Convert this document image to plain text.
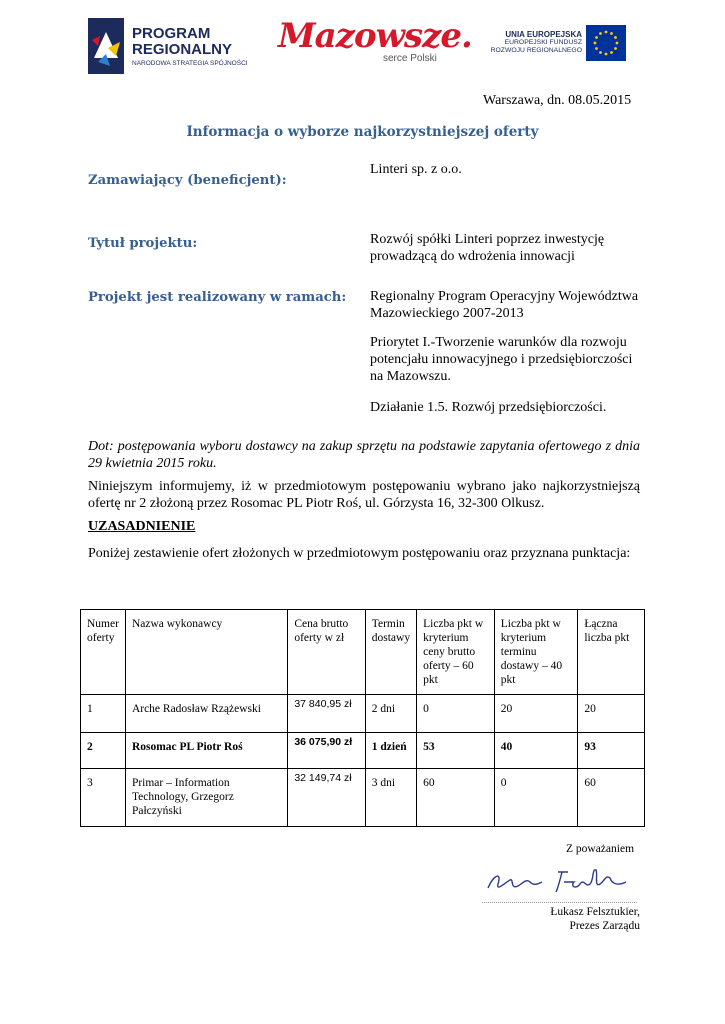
PROGRAM
REGIONALNY
NARODOWA STRATEGIA SPÓJNOŚCI
Mazowsze.
serce Polski
UNIA EUROPEJSKA
EUROPEJSKI FUNDUSZ
ROZWOJU REGIONALNEGO
Warszawa, dn. 08.05.2015
Informacja o wyborze najkorzystniejszej oferty
Zamawiający (beneficjent):
Linteri sp. z o.o.
Tytuł projektu:	Rozwój spółki Linteri poprzez inwestycję prowadzącą do wdrożenia innowacji
Projekt jest realizowany w ramach: Regionalny Program Operacyjny Województwa Mazowieckiego 2007-2013
Priorytet I.-Tworzenie warunków dla rozwoju potencjału innowacyjnego i przedsiębiorczości na Mazowszu.
Działanie 1.5. Rozwój przedsiębiorczości.
Dot: postępowania wyboru dostawcy na zakup sprzętu na podstawie zapytania ofertowego z dnia 29 kwietnia 2015 roku.
Niniejszym informujemy, iż w przedmiotowym postępowaniu wybrano jako najkorzystniejszą ofertę nr 2 złożoną przez Rosomac PL Piotr Roś, ul. Górzysta 16, 32-300 Olkusz.
UZASADNIENIE
Poniżej zestawienie ofert złożonych w przedmiotowym postępowaniu oraz przyznana punktacja:
Numer oferty	Nazwa wykonawcy	Cena brutto oferty w zł	Termin dostawy	Liczba pkt w kryterium ceny brutto oferty – 60 pkt	Liczba pkt w kryterium terminu dostawy – 40 pkt	Łączna liczba pkt
1	Arche Radosław Rzążewski	37 840,95 zł	2 dni	0	20	20
2	Rosomac PL Piotr Roś	36 075,90 zł	1 dzień	53	40	93
3	Primar – Information Technology, Grzegorz Pałczyński	32 149,74 zł	3 dni	60	0	60
Z poważaniem
Łukasz Felsztukier,
Prezes Zarządu
